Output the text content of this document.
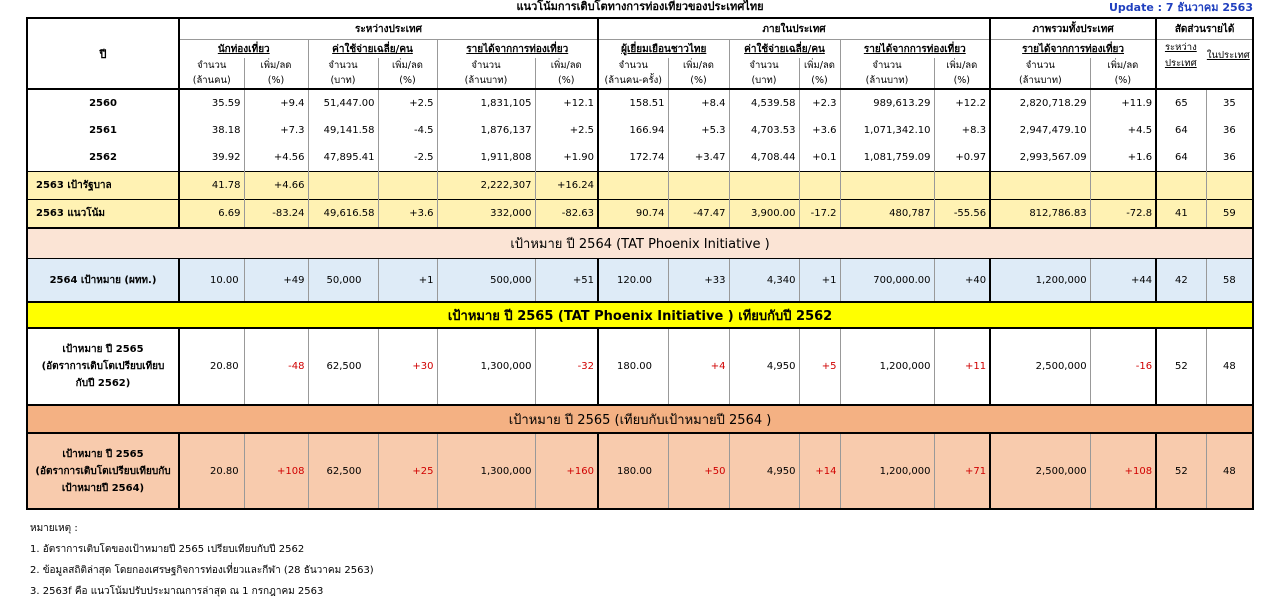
แนวโน้มการเติบโตทางการท่องเที่ยวของประเทศไทย	Update : 7 ธันวาคม 2563
ปี	ระหว่างประเทศ						ภายในประเทศ						ภาพรวมทั้งประเทศ		สัดส่วนรายได้	
	นักท่องเที่ยว		ค่าใช้จ่ายเฉลี่ย/คน		รายได้จากการท่องเที่ยว		ผู้เยี่ยมเยือนชาวไทย		ค่าใช้จ่ายเฉลี่ย/คน		รายได้จากการท่องเที่ยว		รายได้จากการท่องเที่ยว		ระหว่าง
ประเทศ
ในประเทศ	

	จำนวน	เพิ่ม/ลด	จำนวน	เพิ่ม/ลด	จำนวน	เพิ่ม/ลด	จำนวน	เพิ่ม/ลด	จำนวน	เพิ่ม/ลด	จำนวน	เพิ่ม/ลด	จำนวน	เพิ่ม/ลด		
	(ล้านคน)	(%)	(บาท)	(%)	(ล้านบาท)	(%)	(ล้านคน-ครั้ง)	(%)	(บาท)	(%)	(ล้านบาท)	(%)	(ล้านบาท)	(%)		
2560	35.59	+9.4	51,447.00	+2.5	1,831,105	+12.1	158.51	+8.4	4,539.58	+2.3	989,613.29	+12.2	2,820,718.29	+11.9	65	35
2561	38.18	+7.3	49,141.58	-4.5	1,876,137	+2.5	166.94	+5.3	4,703.53	+3.6	1,071,342.10	+8.3	2,947,479.10	+4.5	64	36
2562	39.92	+4.56	47,895.41	-2.5	1,911,808	+1.90	172.74	+3.47	4,708.44	+0.1	1,081,759.09	+0.97	2,993,567.09	+1.6	64	36
2563 เป้ารัฐบาล	41.78	+4.66			2,222,307	+16.24										
2563 แนวโน้ม	6.69	-83.24	49,616.58	+3.6	332,000	-82.63	90.74	-47.47	3,900.00	-17.2	480,787	-55.56	812,786.83	-72.8	41	59
เป้าหมาย ปี 2564 (TAT Phoenix Initiative )																
2564 เป้าหมาย (ผทท.)	10.00	+49	50,000	+1	500,000	+51	120.00	+33	4,340	+1	700,000.00	+40	1,200,000	+44	42	58
เป้าหมาย ปี 2565 (TAT Phoenix Initiative ) เทียบกับปี 2562																

เป้าหมาย ปี 2565
(อัตราการเติบโตเปรียบเทียบ
กับปี 2562)	20.80	-48	62,500	+30	1,300,000	-32	180.00	+4	4,950	+5	1,200,000	+11	2,500,000	-16	52	48
เป้าหมาย ปี 2565 (เทียบกับเป้าหมายปี 2564 )																

เป้าหมาย ปี 2565
(อัตราการเติบโตเปรียบเทียบกับ
เป้าหมายปี 2564)	20.80	+108	62,500	+25	1,300,000	+160	180.00	+50	4,950	+14	1,200,000	+71	2,500,000	+108	52	48
หมายเหตุ :
1. อัตราการเติบโตของเป้าหมายปี 2565 เปรียบเทียบกับปี 2562
2. ข้อมูลสถิติล่าสุด โดยกองเศรษฐกิจการท่องเที่ยวและกีฬา (28 ธันวาคม 2563)
3. 2563f คือ แนวโน้มปรับประมาณการล่าสุด ณ 1 กรกฎาคม 2563
